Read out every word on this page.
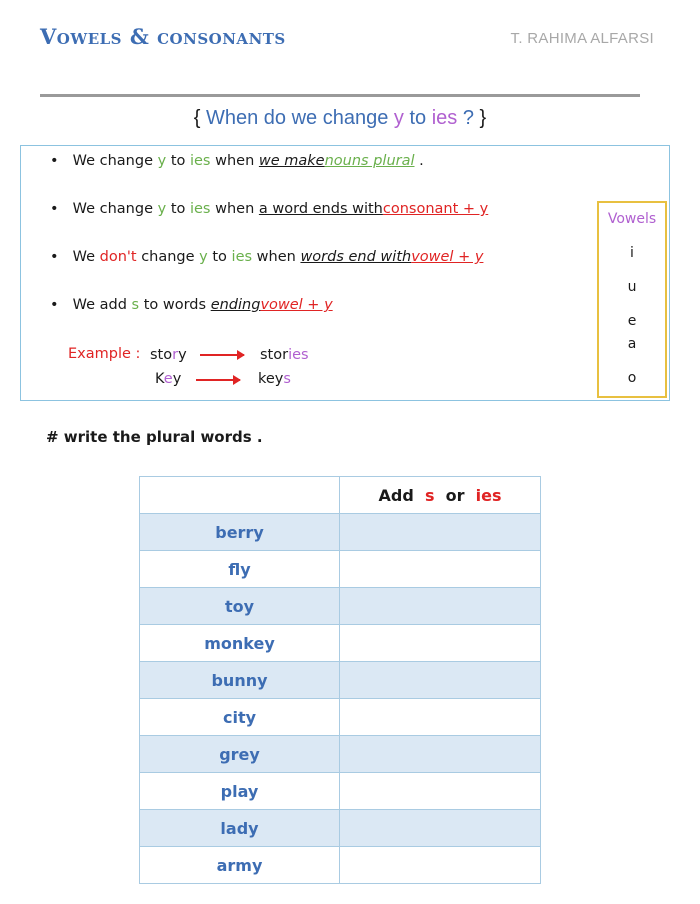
Vowels & consonants	T. RAHIMA ALFARSI
{ When do we change y to ies ? }
• We change y to ies when we makenouns plural .
• We change y to ies when a word ends withconsonant + y
• We don't change y to ies when words end withvowel + y
• We add s to words endingvowel + y
Example : story	stories
Key	keys
Vowels
i
u
e
a
o
# write the plural words .
	Add s or ies
berry	
fly	
toy	
monkey	
bunny	
city	
grey	
play	
lady	
army	
